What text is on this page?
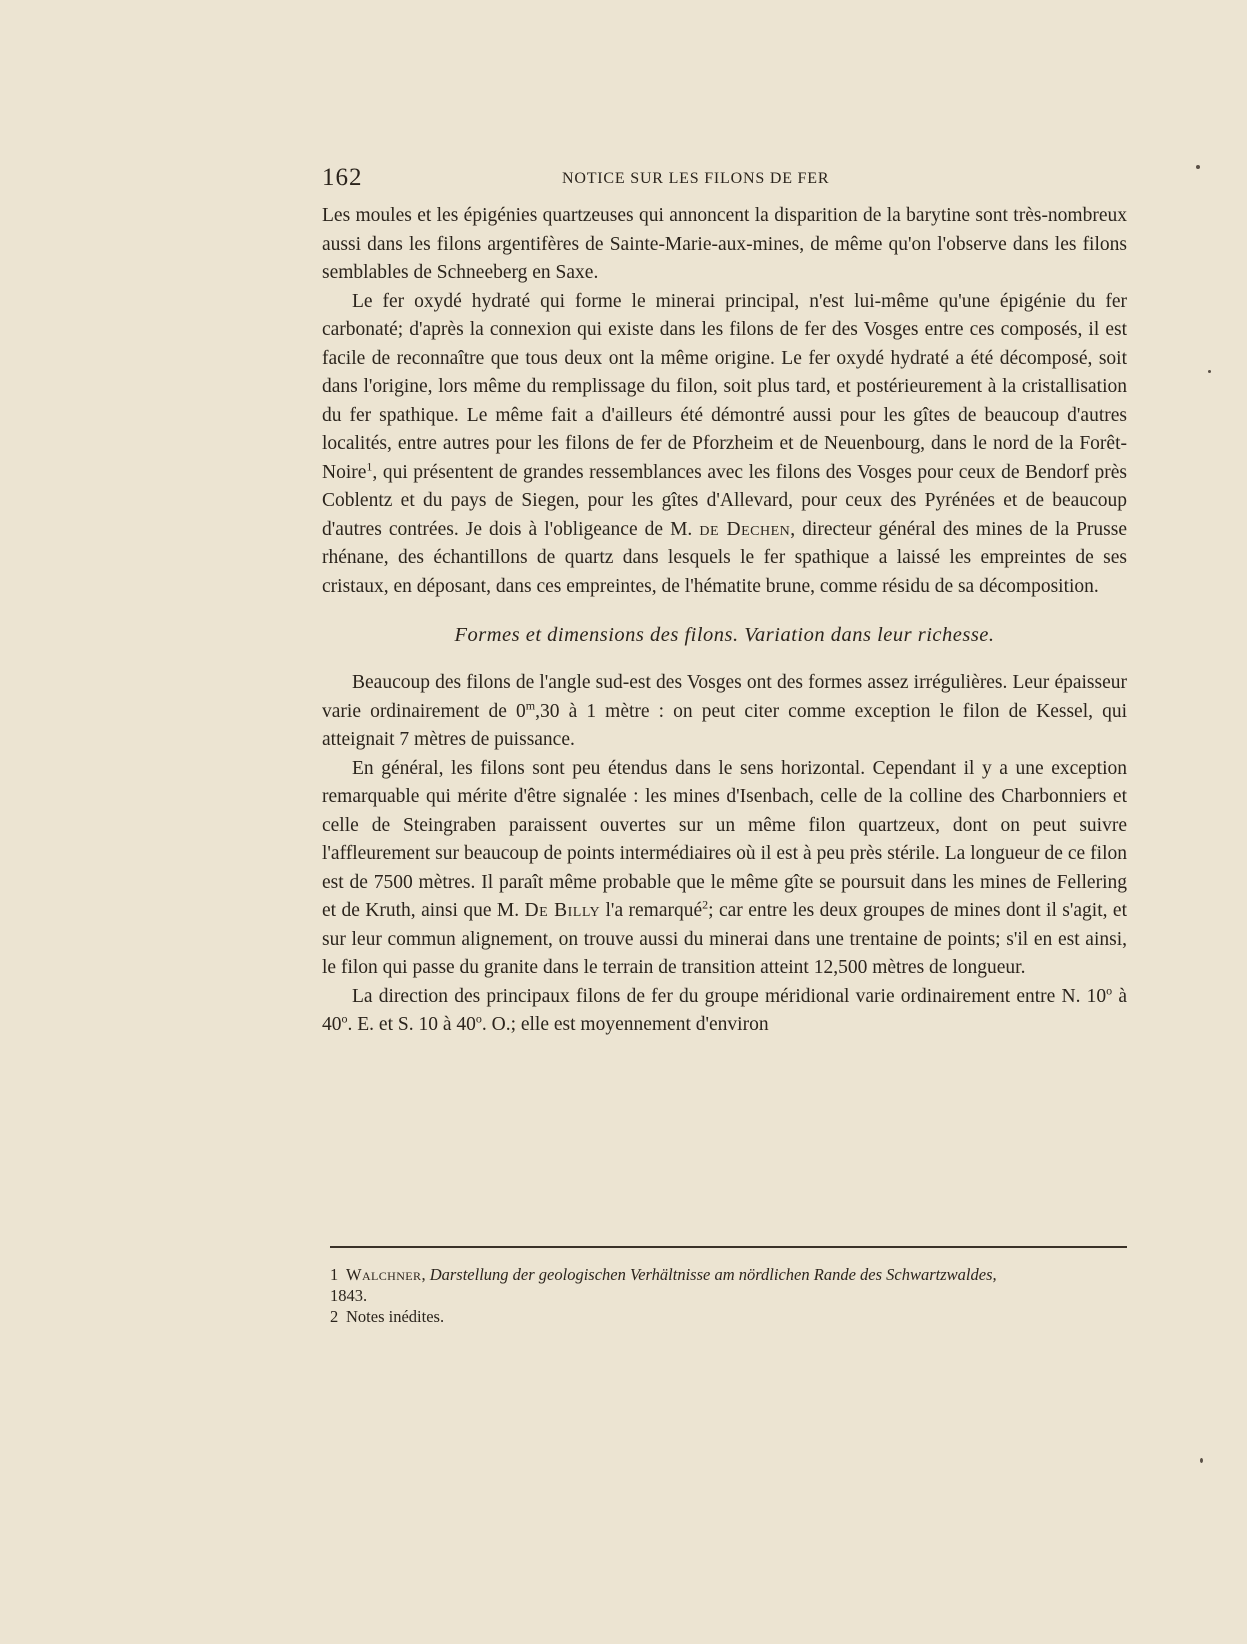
162	NOTICE SUR LES FILONS DE FER

Les moules et les épigénies quartzeuses qui annoncent la disparition de la barytine sont très-nombreux aussi dans les filons argentifères de Sainte-Marie-aux-mines, de même qu'on l'observe dans les filons semblables de Schneeberg en Saxe.

Le fer oxydé hydraté qui forme le minerai principal, n'est lui-même qu'une épigénie du fer carbonaté; d'après la connexion qui existe dans les filons de fer des Vosges entre ces composés, il est facile de reconnaître que tous deux ont la même origine. Le fer oxydé hydraté a été décomposé, soit dans l'origine, lors même du remplissage du filon, soit plus tard, et postérieurement à la cristallisation du fer spathique. Le même fait a d'ailleurs été démontré aussi pour les gîtes de beaucoup d'autres localités, entre autres pour les filons de fer de Pforzheim et de Neuenbourg, dans le nord de la Forêt-Noire$^1$, qui présentent de grandes ressemblances avec les filons des Vosges pour ceux de Bendorf près Coblentz et du pays de Siegen, pour les gîtes d'Allevard, pour ceux des Pyrénées et de beaucoup d'autres contrées. Je dois à l'obligeance de M. de Dechen, directeur général des mines de la Prusse rhénane, des échantillons de quartz dans lesquels le fer spathique a laissé les empreintes de ses cristaux, en déposant, dans ces empreintes, de l'hématite brune, comme résidu de sa décomposition.

Formes et dimensions des filons. Variation dans leur richesse.

Beaucoup des filons de l'angle sud-est des Vosges ont des formes assez irrégulières. Leur épaisseur varie ordinairement de 0$^m$,30 à 1 mètre : on peut citer comme exception le filon de Kessel, qui atteignait 7 mètres de puissance.

En général, les filons sont peu étendus dans le sens horizontal. Cependant il y a une exception remarquable qui mérite d'être signalée : les mines d'Isenbach, celle de la colline des Charbonniers et celle de Steingraben paraissent ouvertes sur un même filon quartzeux, dont on peut suivre l'affleurement sur beaucoup de points intermédiaires où il est à peu près stérile. La longueur de ce filon est de 7500 mètres. Il paraît même probable que le même gîte se poursuit dans les mines de Fellering et de Kruth, ainsi que M. De Billy l'a remarqué$^2$; car entre les deux groupes de mines dont il s'agit, et sur leur commun alignement, on trouve aussi du minerai dans une trentaine de points; s'il en est ainsi, le filon qui passe du granite dans le terrain de transition atteint 12,500 mètres de longueur.

La direction des principaux filons de fer du groupe méridional varie ordinairement entre N. 10$^o$ à 40$^o$. E. et S. 10 à 40$^o$. O.; elle est moyennement d'environ

1 Walchner, Darstellung der geologischen Verhältnisse am nördlichen Rande des Schwartzwaldes,
1843.

2 Notes inédites.
